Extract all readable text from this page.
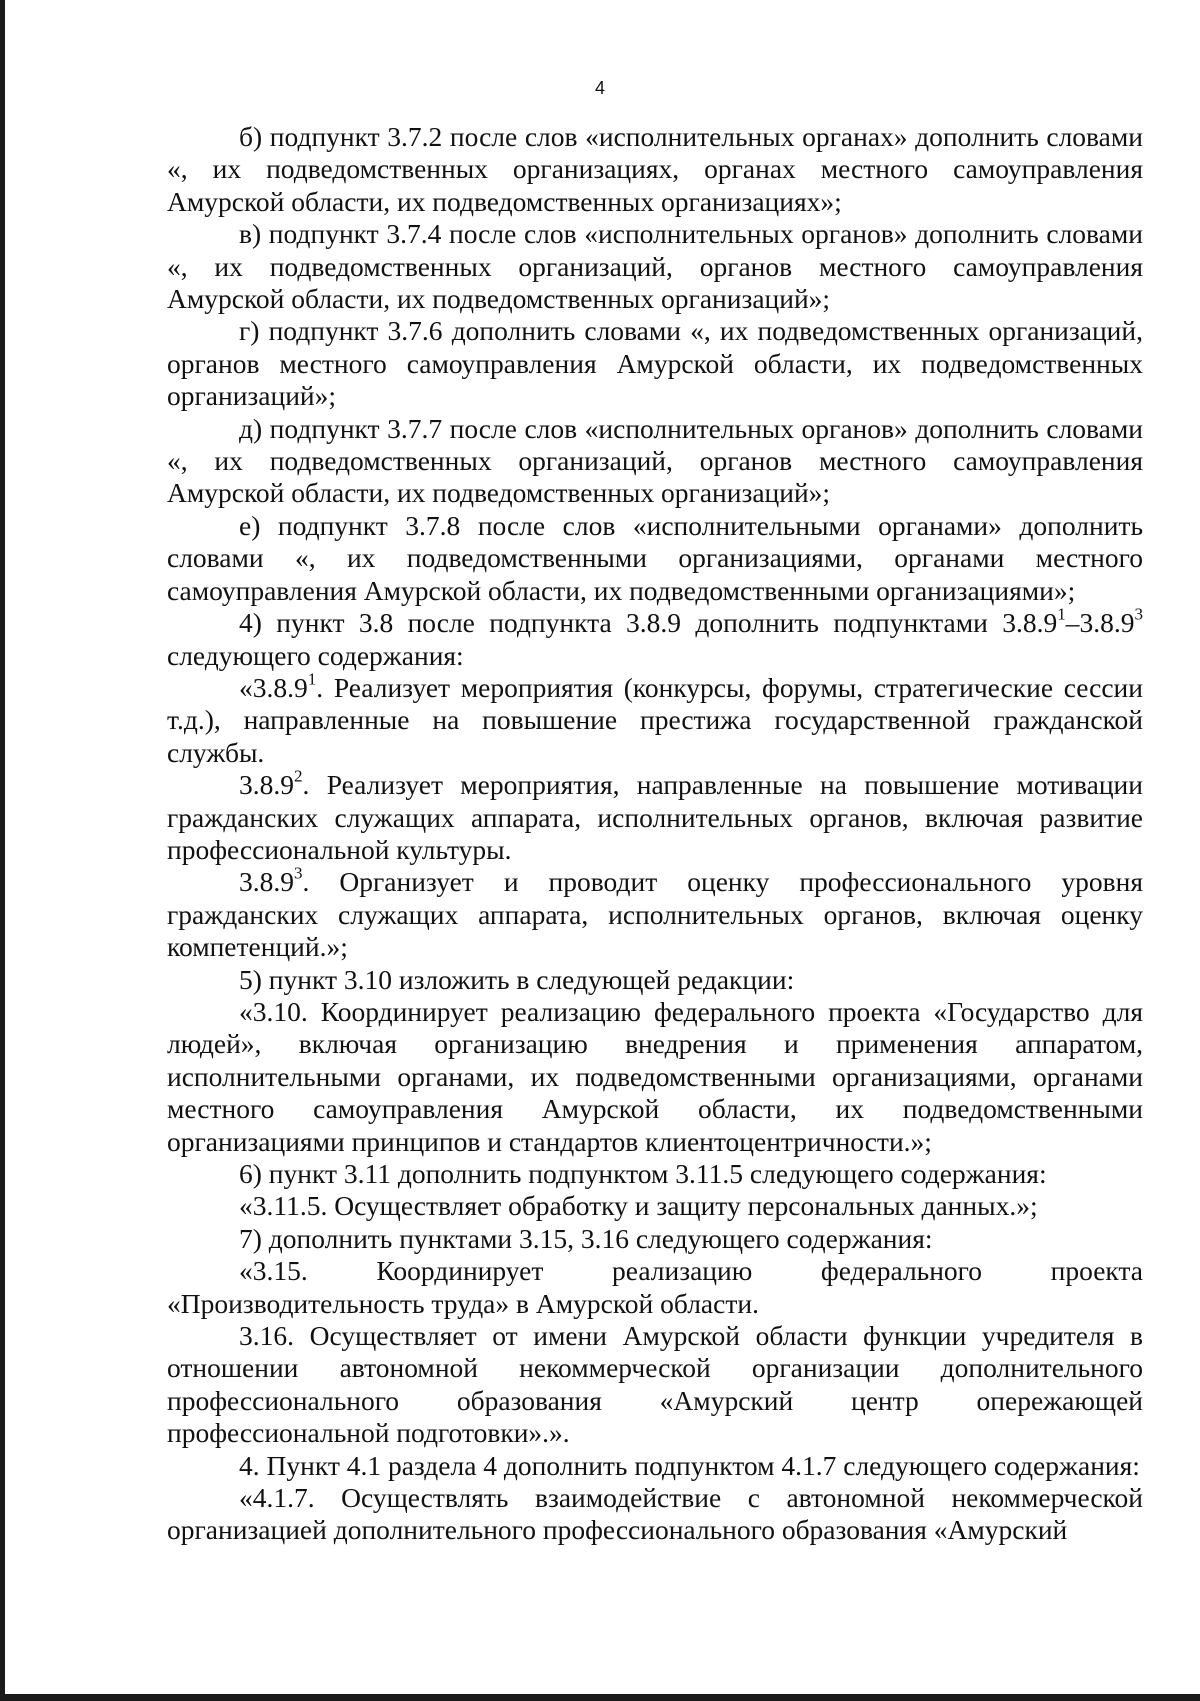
4

б) подпункт 3.7.2 после слов «исполнительных органах» дополнить словами «, их подведомственных организациях, органах местного самоуправления Амурской области, их подведомственных организациях»;

в) подпункт 3.7.4 после слов «исполнительных органов» дополнить словами «, их подведомственных организаций, органов местного самоуправления Амурской области, их подведомственных организаций»;

г) подпункт 3.7.6 дополнить словами «, их подведомственных организаций, органов местного самоуправления Амурской области, их подведомственных организаций»;

д) подпункт 3.7.7 после слов «исполнительных органов» дополнить словами «, их подведомственных организаций, органов местного самоуправления Амурской области, их подведомственных организаций»;

е) подпункт 3.7.8 после слов «исполнительными органами» дополнить словами «, их подведомственными организациями, органами местного самоуправления Амурской области, их подведомственными организациями»;

4) пункт 3.8 после подпункта 3.8.9 дополнить подпунктами 3.8.9$^1$–3.8.9$^3$ следующего содержания:

«3.8.9$^1$. Реализует мероприятия (конкурсы, форумы, стратегические сессии т.д.), направленные на повышение престижа государственной гражданской службы.

3.8.9$^2$. Реализует мероприятия, направленные на повышение мотивации гражданских служащих аппарата, исполнительных органов, включая развитие профессиональной культуры.

3.8.9$^3$. Организует и проводит оценку профессионального уровня гражданских служащих аппарата, исполнительных органов, включая оценку компетенций.»;

5) пункт 3.10 изложить в следующей редакции:

«3.10. Координирует реализацию федерального проекта «Государство для людей», включая организацию внедрения и применения аппаратом, исполнительными органами, их подведомственными организациями, органами местного самоуправления Амурской области, их подведомственными организациями принципов и стандартов клиентоцентричности.»;

6) пункт 3.11 дополнить подпунктом 3.11.5 следующего содержания:

«3.11.5. Осуществляет обработку и защиту персональных данных.»;

7) дополнить пунктами 3.15, 3.16 следующего содержания:

«3.15. Координирует реализацию федерального проекта «Производительность труда» в Амурской области.

3.16. Осуществляет от имени Амурской области функции учредителя в отношении автономной некоммерческой организации дополнительного профессионального образования «Амурский центр опережающей профессиональной подготовки».».

4. Пункт 4.1 раздела 4 дополнить подпунктом 4.1.7 следующего содержания:

«4.1.7. Осуществлять взаимодействие с автономной некоммерческой организацией дополнительного профессионального образования «Амурский
